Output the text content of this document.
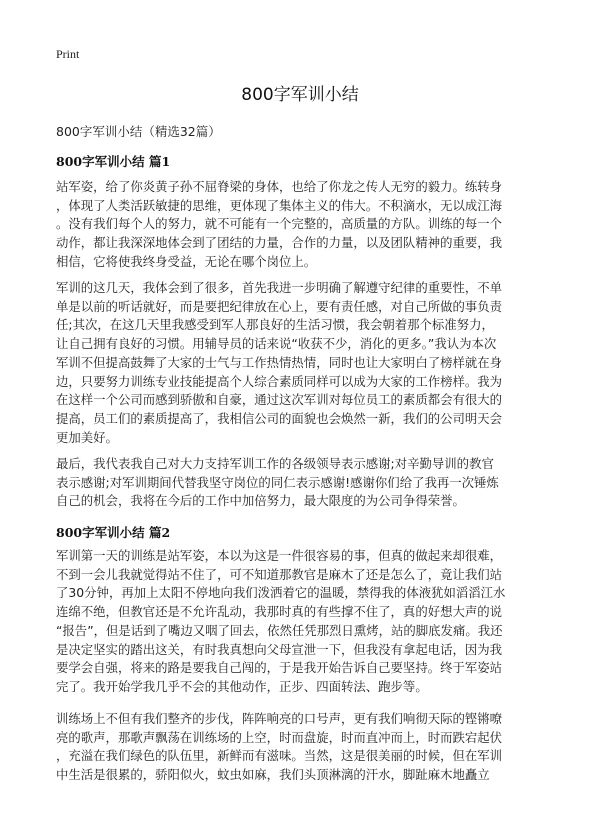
Print
800字军训小结
800字军训小结（精选32篇）
800字军训小结 篇1
站军姿，给了你炎黄子孙不屈脊梁的身体，也给了你龙之传人无穷的毅力。练转身
，体现了人类活跃敏捷的思维，更体现了集体主义的伟大。不积滴水，无以成江海
。没有我们每个人的努力，就不可能有一个完整的，高质量的方队。训练的每一个
动作，都让我深深地体会到了团结的力量，合作的力量，以及团队精神的重要，我
相信，它将使我终身受益，无论在哪个岗位上。
军训的这几天，我体会到了很多，首先我进一步明确了解遵守纪律的重要性，不单
单是以前的听话就好，而是要把纪律放在心上，要有责任感，对自己所做的事负责
任;其次，在这几天里我感受到军人那良好的生活习惯，我会朝着那个标准努力，
让自己拥有良好的习惯。用辅导员的话来说“收获不少，消化的更多。”我认为本次
军训不但提高鼓舞了大家的士气与工作热情热情，同时也让大家明白了榜样就在身
边，只要努力训练专业技能提高个人综合素质同样可以成为大家的工作榜样。我为
在这样一个公司而感到骄傲和自豪，通过这次军训对每位员工的素质都会有很大的
提高，员工们的素质提高了，我相信公司的面貌也会焕然一新，我们的公司明天会
更加美好。
最后，我代表我自己对大力支持军训工作的各级领导表示感谢;对辛勤导训的教官
表示感谢;对军训期间代替我坚守岗位的同仁表示感谢!感谢你们给了我再一次锤炼
自己的机会，我将在今后的工作中加倍努力，最大限度的为公司争得荣誉。
800字军训小结 篇2
军训第一天的训练是站军姿，本以为这是一件很容易的事，但真的做起来却很难，
不到一会儿我就觉得站不住了，可不知道那教官是麻木了还是怎么了，竟让我们站
了30分钟，再加上太阳不停地向我们泼洒着它的温暖，禁得我的体液犹如滔滔江水
连绵不绝，但教官还是不允许乱动，我那时真的有些撑不住了，真的好想大声的说
“报告”，但是话到了嘴边又咽了回去，依然任凭那烈日熏烤，站的脚底发痛。我还
是决定坚实的踏出这关，有时我真想向父母宣泄一下，但我没有拿起电话，因为我
要学会自强，将来的路是要我自己闯的，于是我开始告诉自己要坚持。终于军姿站
完了。我开始学我几乎不会的其他动作，正步、四面转法、跑步等。
训练场上不但有我们整齐的步伐，阵阵响亮的口号声，更有我们响彻天际的铿锵嘹
亮的歌声，那歌声飘荡在训练场的上空，时而盘旋，时而直冲而上，时而跌宕起伏
，充溢在我们绿色的队伍里，新鲜而有滋味。当然，这是很美丽的时候，但在军训
中生活是很累的，骄阳似火，蚊虫如麻，我们头顶淋漓的汗水，脚趾麻木地矗立
